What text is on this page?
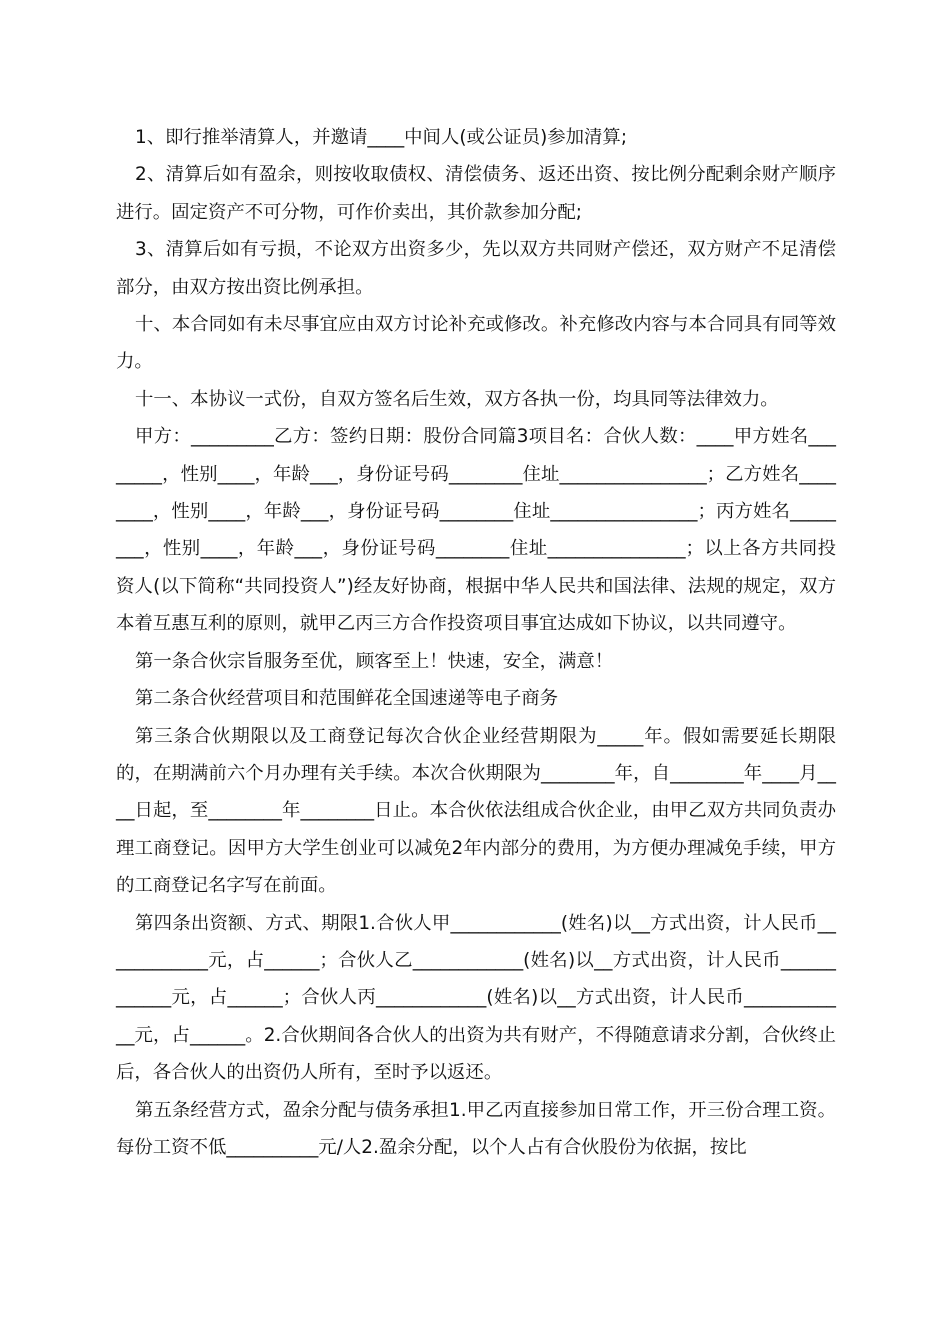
1、即行推举清算人，并邀请____中间人(或公证员)参加清算;

2、清算后如有盈余，则按收取债权、清偿债务、返还出资、按比例分配剩余财产顺序进行。固定资产不可分物，可作价卖出，其价款参加分配;

3、清算后如有亏损，不论双方出资多少，先以双方共同财产偿还，双方财产不足清偿部分，由双方按出资比例承担。

十、本合同如有未尽事宜应由双方讨论补充或修改。补充修改内容与本合同具有同等效力。

十一、本协议一式份，自双方签名后生效，双方各执一份，均具同等法律效力。

甲方：_________乙方：签约日期：股份合同篇3项目名：合伙人数：____甲方姓名________，性别____，年龄___，身份证号码________住址________________；乙方姓名________，性别____，年龄___，身份证号码________住址________________；丙方姓名________，性别____，年龄___，身份证号码________住址_______________；以上各方共同投资人(以下简称“共同投资人”)经友好协商，根据中华人民共和国法律、法规的规定，双方本着互惠互利的原则，就甲乙丙三方合作投资项目事宜达成如下协议，以共同遵守。

第一条合伙宗旨服务至优，顾客至上！快速，安全，满意！

第二条合伙经营项目和范围鲜花全国速递等电子商务

第三条合伙期限以及工商登记每次合伙企业经营期限为_____年。假如需要延长期限的，在期满前六个月办理有关手续。本次合伙期限为________年，自________年____月____日起，至________年________日止。本合伙依法组成合伙企业，由甲乙双方共同负责办理工商登记。因甲方大学生创业可以减免2年内部分的费用，为方便办理减免手续，甲方的工商登记名字写在前面。

第四条出资额、方式、期限1.合伙人甲____________(姓名)以__方式出资，计人民币____________元，占______；合伙人乙____________(姓名)以__方式出资，计人民币____________元，占______；合伙人丙____________(姓名)以__方式出资，计人民币____________元，占______。2.合伙期间各合伙人的出资为共有财产，不得随意请求分割，合伙终止后，各合伙人的出资仍人所有，至时予以返还。

第五条经营方式，盈余分配与债务承担1.甲乙丙直接参加日常工作，开三份合理工资。每份工资不低__________元/人2.盈余分配，以个人占有合伙股份为依据，按比
